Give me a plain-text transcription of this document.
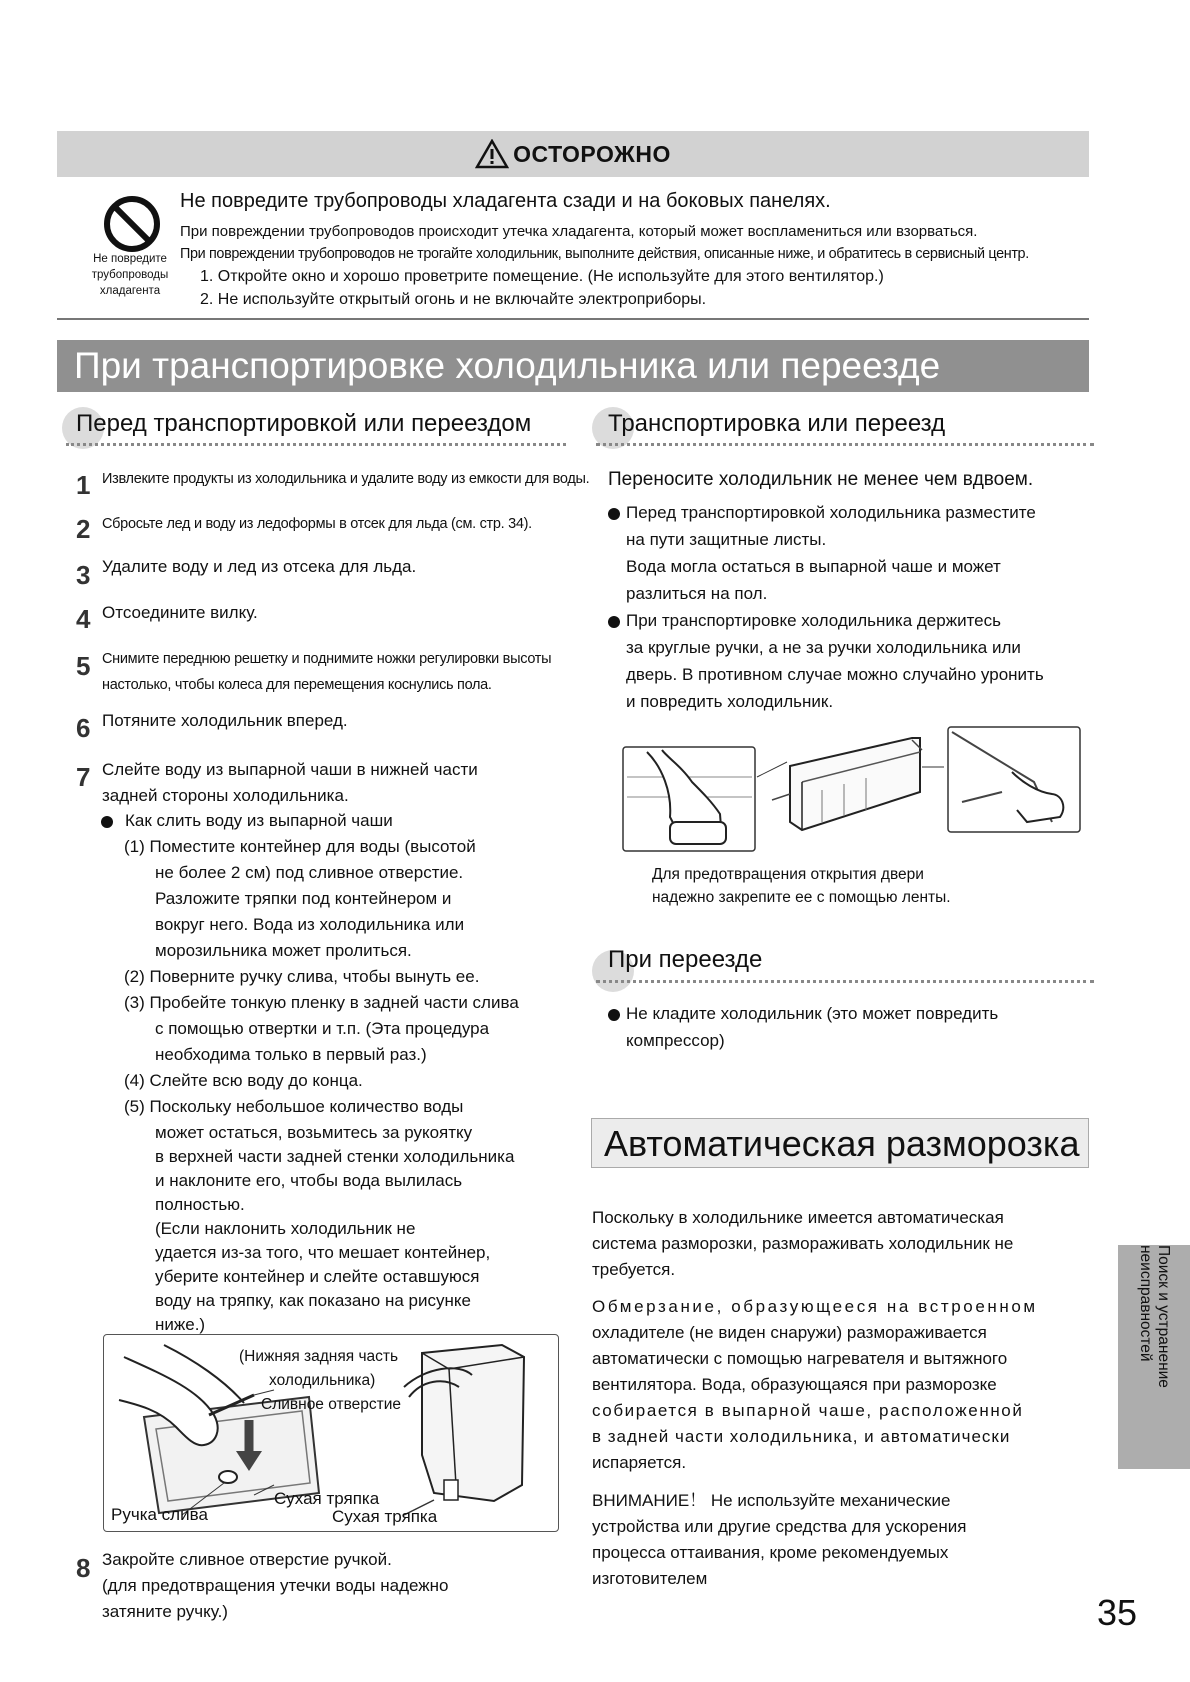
ОСТОРОЖНО
Не повредите
трубопроводы
хладагента
Не повредите трубопроводы хладагента сзади и на боковых панелях.
При повреждении трубопроводов происходит утечка хладагента, который может воспламениться или взорваться.
При повреждении трубопроводов не трогайте холодильник, выполните действия, описанные ниже, и обратитесь в сервисный центр.
1. Откройте окно и хорошо проветрите помещение. (Не используйте для этого вентилятор.)
2. Не используйте открытый огонь и не включайте электроприборы.
При транспортировке холодильника или переезде
Перед транспортировкой или переездом
1 Извлеките продукты из холодильника и удалите воду из емкости для воды.
2 Сбросьте лед и воду из ледоформы в отсек для льда (см. стр. 34).
3 Удалите воду и лед из отсека для льда.
4 Отсоедините вилку.
5 Снимите переднюю решетку и поднимите ножки регулировки высоты
настолько, чтобы колеса для перемещения коснулись пола.
6 Потяните холодильник вперед.
7 Слейте воду из выпарной чаши в нижней части
задней стороны холодильника.
Как слить воду из выпарной чаши
(1) Поместите контейнер для воды (высотой
не более 2 см) под сливное отверстие.
Разложите тряпки под контейнером и
вокруг него. Вода из холодильника или
морозильника может пролиться.
(2) Поверните ручку слива, чтобы вынуть ее.
(3) Пробейте тонкую пленку в задней части слива
с помощью отвертки и т.п. (Эта процедура
необходима только в первый раз.)
(4) Слейте всю воду до конца.
(5) Поскольку небольшое количество воды
может остаться, возьмитесь за рукоятку
в верхней части задней стенки холодильника
и наклоните его, чтобы вода вылилась
полностью.
(Если наклонить холодильник не
удается из-за того, что мешает контейнер,
уберите контейнер и слейте оставшуюся
воду на тряпку, как показано на рисунке
ниже.)
(Нижняя задняя часть
холодильника)
Сливное отверстие
Сухая тряпка
Сухая тряпка
Ручка слива
8 Закройте сливное отверстие ручкой.
(для предотвращения утечки воды надежно
затяните ручку.)
Транспортировка или переезд
Переносите холодильник не менее чем вдвоем.
Перед транспортировкой холодильника разместите
на пути защитные листы.
Вода могла остаться в выпарной чаше и может
разлиться на пол.
При транспортировке холодильника держитесь
за круглые ручки, а не за ручки холодильника или
дверь. В противном случае можно случайно уронить
и повредить холодильник.
Для предотвращения открытия двери
надежно закрепите ее с помощью ленты.
При переезде
Не кладите холодильник (это может повредить
компрессор)
Автоматическая разморозка
Поскольку в холодильнике имеется автоматическая
система разморозки, размораживать холодильник не
требуется.
Обмерзание, образующееся на встроенном
охладителе (не виден снаружи) размораживается
автоматически с помощью нагревателя и вытяжного
вентилятора. Вода, образующаяся при разморозке
собирается в выпарной чаше, расположенной
в задней части холодильника, и автоматически
испаряется.
ВНИМАНИЕ！ Не используйте механические
устройства или другие средства для ускорения
процесса оттаивания, кроме рекомендуемых
изготовителем
Поиск и устранение неисправностей
35
